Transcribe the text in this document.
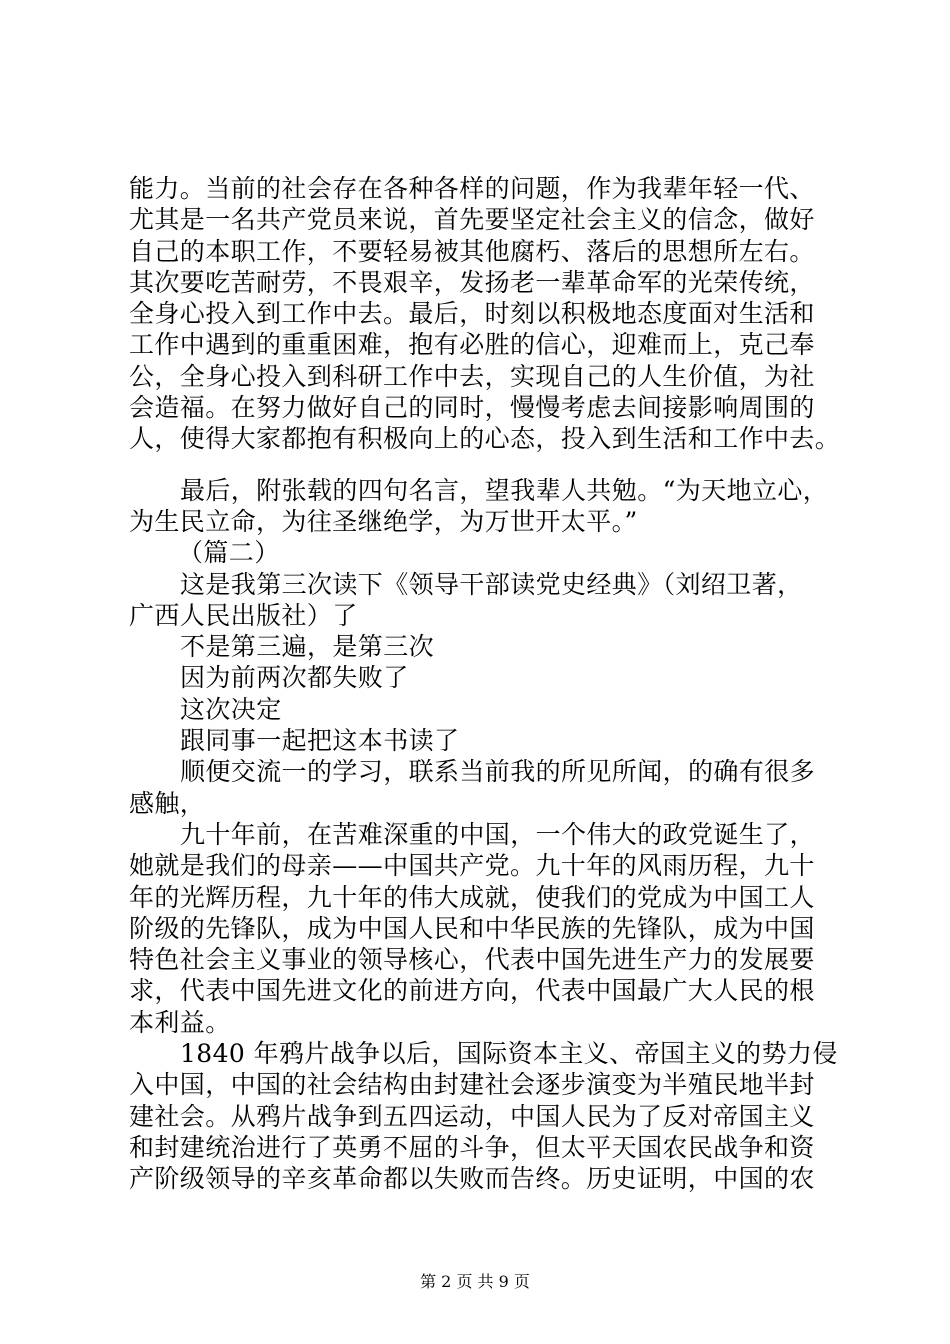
能力。当前的社会存在各种各样的问题，作为我辈年轻一代、
尤其是一名共产党员来说，首先要坚定社会主义的信念，做好
自己的本职工作，不要轻易被其他腐朽、落后的思想所左右。
其次要吃苦耐劳，不畏艰辛，发扬老一辈革命军的光荣传统，
全身心投入到工作中去。最后，时刻以积极地态度面对生活和
工作中遇到的重重困难，抱有必胜的信心，迎难而上，克己奉
公，全身心投入到科研工作中去，实现自己的人生价值，为社
会造福。在努力做好自己的同时，慢慢考虑去间接影响周围的
人，使得大家都抱有积极向上的心态，投入到生活和工作中去。
最后，附张载的四句名言，望我辈人共勉。“为天地立心，
为生民立命，为往圣继绝学，为万世开太平。”
（篇二）
这是我第三次读下《领导干部读党史经典》（刘绍卫著，
广西人民出版社）了
不是第三遍，是第三次
因为前两次都失败了
这次决定
跟同事一起把这本书读了
顺便交流一的学习，联系当前我的所见所闻，的确有很多
感触，
九十年前，在苦难深重的中国，一个伟大的政党诞生了，
她就是我们的母亲——中国共产党。九十年的风雨历程，九十
年的光辉历程，九十年的伟大成就，使我们的党成为中国工人
阶级的先锋队，成为中国人民和中华民族的先锋队，成为中国
特色社会主义事业的领导核心，代表中国先进生产力的发展要
求，代表中国先进文化的前进方向，代表中国最广大人民的根
本利益。
1840 年鸦片战争以后，国际资本主义、帝国主义的势力侵
入中国，中国的社会结构由封建社会逐步演变为半殖民地半封
建社会。从鸦片战争到五四运动，中国人民为了反对帝国主义
和封建统治进行了英勇不屈的斗争，但太平天国农民战争和资
产阶级领导的辛亥革命都以失败而告终。历史证明，中国的农
第 2 页 共 9 页
